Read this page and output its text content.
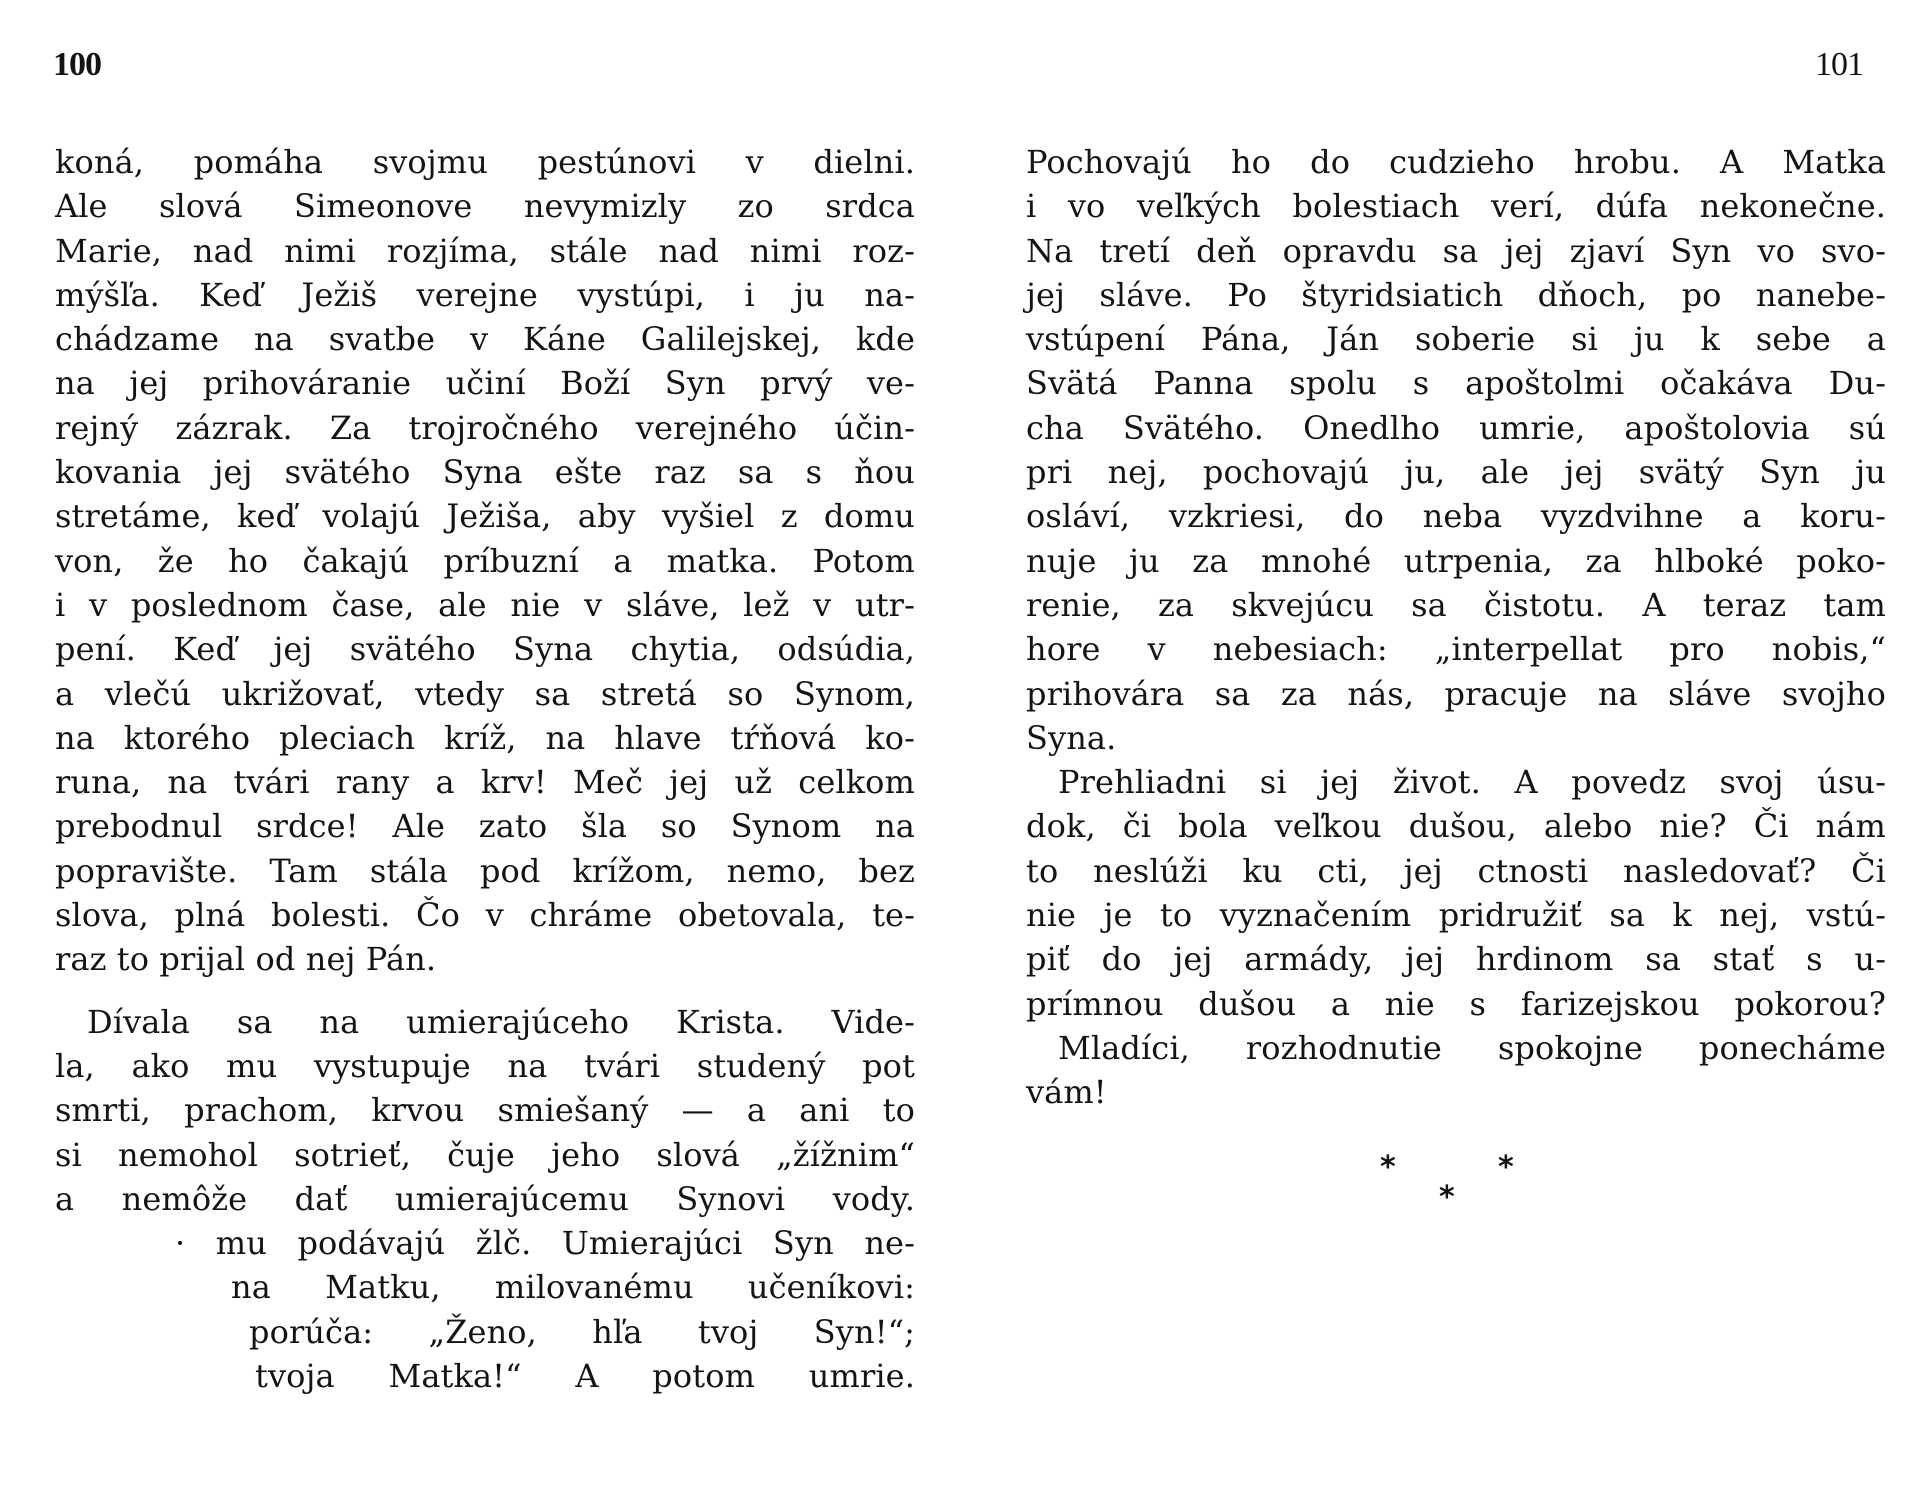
100	101
koná, pomáha svojmu pestúnovi v dielni.
Ale slová Simeonove nevymizly zo srdca
Marie, nad nimi rozjíma, stále nad nimi roz-
mýšľa. Keď Ježiš verejne vystúpi, i ju na-
chádzame na svatbe v Káne Galilejskej, kde
na jej prihováranie učiní Boží Syn prvý ve-
rejný zázrak. Za trojročného verejného účin-
kovania jej svätého Syna ešte raz sa s ňou
stretáme, keď volajú Ježiša, aby vyšiel z domu
von, že ho čakajú príbuzní a matka. Potom
i v poslednom čase, ale nie v sláve, lež v utr-
pení. Keď jej svätého Syna chytia, odsúdia,
a vlečú ukrižovať, vtedy sa stretá so Synom,
na ktorého pleciach kríž, na hlave tŕňová ko-
runa, na tvári rany a krv! Meč jej už celkom
prebodnul srdce! Ale zato šla so Synom na
popravište. Tam stála pod krížom, nemo, bez
slova, plná bolesti. Čo v chráme obetovala, te-
raz to prijal od nej Pán.
Dívala sa na umierajúceho Krista. Vide-
la, ako mu vystupuje na tvári studený pot
smrti, prachom, krvou smiešaný — a ani to
si nemohol sotrieť, čuje jeho slová „žížnim“
a nemôže dať umierajúcemu Synovi vody.
· mu podávajú žlč. Umierajúci Syn ne-
na Matku, milovanému učeníkovi:
porúča: „Ženo, hľa tvoj Syn!“;
tvoja Matka!“ A potom umrie.
Pochovajú ho do cudzieho hrobu. A Matka
i vo veľkých bolestiach verí, dúfa nekonečne.
Na tretí deň opravdu sa jej zjaví Syn vo svo-
jej sláve. Po štyridsiatich dňoch, po nanebe-
vstúpení Pána, Ján soberie si ju k sebe a
Svätá Panna spolu s apoštolmi očakáva Du-
cha Svätého. Onedlho umrie, apoštolovia sú
pri nej, pochovajú ju, ale jej svätý Syn ju
osláví, vzkriesi, do neba vyzdvihne a koru-
nuje ju za mnohé utrpenia, za hlboké poko-
renie, za skvejúcu sa čistotu. A teraz tam
hore v nebesiach: „interpellat pro nobis,“
prihovára sa za nás, pracuje na sláve svojho
Syna.
Prehliadni si jej život. A povedz svoj úsu-
dok, či bola veľkou dušou, alebo nie? Či nám
to neslúži ku cti, jej ctnosti nasledovať? Či
nie je to vyznačením pridružiť sa k nej, vstú-
piť do jej armády, jej hrdinom sa stať s u-
prímnou dušou a nie s farizejskou pokorou?
Mladíci, rozhodnutie spokojne ponecháme
vám!
*	*
*
